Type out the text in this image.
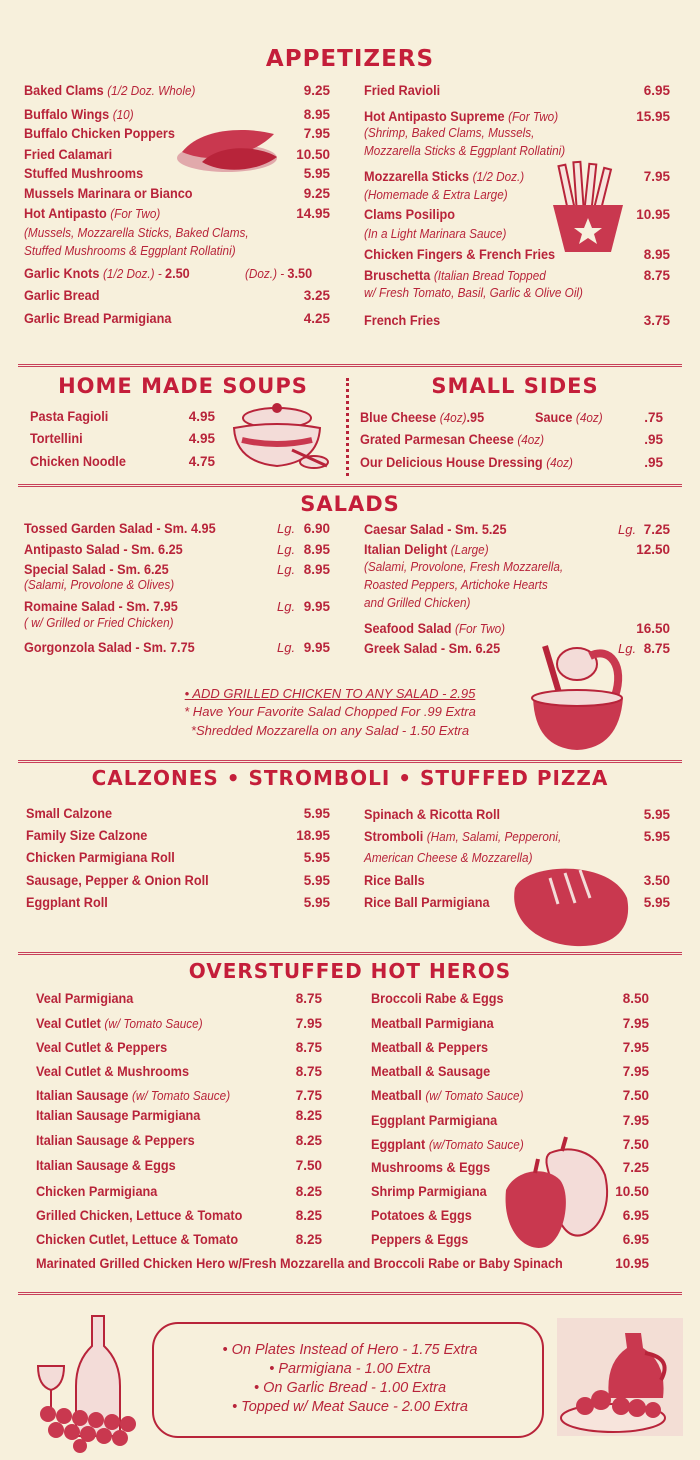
APPETIZERS
Baked Clams (1/2 Doz. Whole)	9.25
Buffalo Wings (10)	8.95
Buffalo Chicken Poppers	7.95
Fried Calamari	10.50
Stuffed Mushrooms	5.95
Mussels Marinara or Bianco	9.25
Hot Antipasto (For Two)	14.95
(Mussels, Mozzarella Sticks, Baked Clams,
Stuffed Mushrooms & Eggplant Rollatini)
Garlic Knots (1/2 Doz.) - 2.50	(Doz.) - 3.50
Garlic Bread	3.25
Garlic Bread Parmigiana	4.25
Fried Ravioli	6.95
Hot Antipasto Supreme (For Two)	15.95
(Shrimp, Baked Clams, Mussels,
Mozzarella Sticks & Eggplant Rollatini)
Mozzarella Sticks (1/2 Doz.)	7.95
(Homemade & Extra Large)
Clams Posilipo	10.95
(In a Light Marinara Sauce)
Chicken Fingers & French Fries	8.95
Bruschetta (Italian Bread Topped	8.75
w/ Fresh Tomato, Basil, Garlic & Olive Oil)
French Fries	3.75
HOME MADE SOUPS	SMALL SIDES
Pasta Fagioli	4.95
Tortellini	4.95
Chicken Noodle	4.75
Blue Cheese (4oz).95	Sauce (4oz)	.75
Grated Parmesan Cheese (4oz)	.95
Our Delicious House Dressing (4oz)	.95
SALADS
Tossed Garden Salad - Sm. 4.95	Lg. 6.90
Antipasto Salad - Sm. 6.25	Lg. 8.95
Special Salad - Sm. 6.25	Lg. 8.95
(Salami, Provolone & Olives)
Romaine Salad - Sm. 7.95	Lg. 9.95
( w/ Grilled or Fried Chicken)
Gorgonzola Salad - Sm. 7.75	Lg. 9.95
Caesar Salad - Sm. 5.25	Lg. 7.25
Italian Delight (Large)	12.50
(Salami, Provolone, Fresh Mozzarella,
Roasted Peppers, Artichoke Hearts
and Grilled Chicken)
Seafood Salad (For Two)	16.50
Greek Salad - Sm. 6.25	Lg. 8.75
• ADD GRILLED CHICKEN TO ANY SALAD - 2.95
* Have Your Favorite Salad Chopped For .99 Extra
*Shredded Mozzarella on any Salad - 1.50 Extra
CALZONES • STROMBOLI • STUFFED PIZZA
Small Calzone	5.95
Family Size Calzone	18.95
Chicken Parmigiana Roll	5.95
Sausage, Pepper & Onion Roll	5.95
Eggplant Roll	5.95
Spinach & Ricotta Roll	5.95
Stromboli (Ham, Salami, Pepperoni,	5.95
American Cheese & Mozzarella)
Rice Balls	3.50
Rice Ball Parmigiana	5.95
OVERSTUFFED HOT HEROS
Veal Parmigiana	8.75
Veal Cutlet (w/ Tomato Sauce)	7.95
Veal Cutlet & Peppers	8.75
Veal Cutlet & Mushrooms	8.75
Italian Sausage (w/ Tomato Sauce)	7.75
Italian Sausage Parmigiana	8.25
Italian Sausage & Peppers	8.25
Italian Sausage & Eggs	7.50
Chicken Parmigiana	8.25
Grilled Chicken, Lettuce & Tomato	8.25
Chicken Cutlet, Lettuce & Tomato	8.25
Broccoli Rabe & Eggs	8.50
Meatball Parmigiana	7.95
Meatball & Peppers	7.95
Meatball & Sausage	7.95
Meatball (w/ Tomato Sauce)	7.50
Eggplant Parmigiana	7.95
Eggplant (w/Tomato Sauce)	7.50
Mushrooms & Eggs	7.25
Shrimp Parmigiana	10.50
Potatoes & Eggs	6.95
Peppers & Eggs	6.95
Marinated Grilled Chicken Hero w/Fresh Mozzarella and Broccoli Rabe or Baby Spinach	10.95
• On Plates Instead of Hero - 1.75 Extra
• Parmigiana - 1.00 Extra
• On Garlic Bread - 1.00 Extra
• Topped w/ Meat Sauce - 2.00 Extra
